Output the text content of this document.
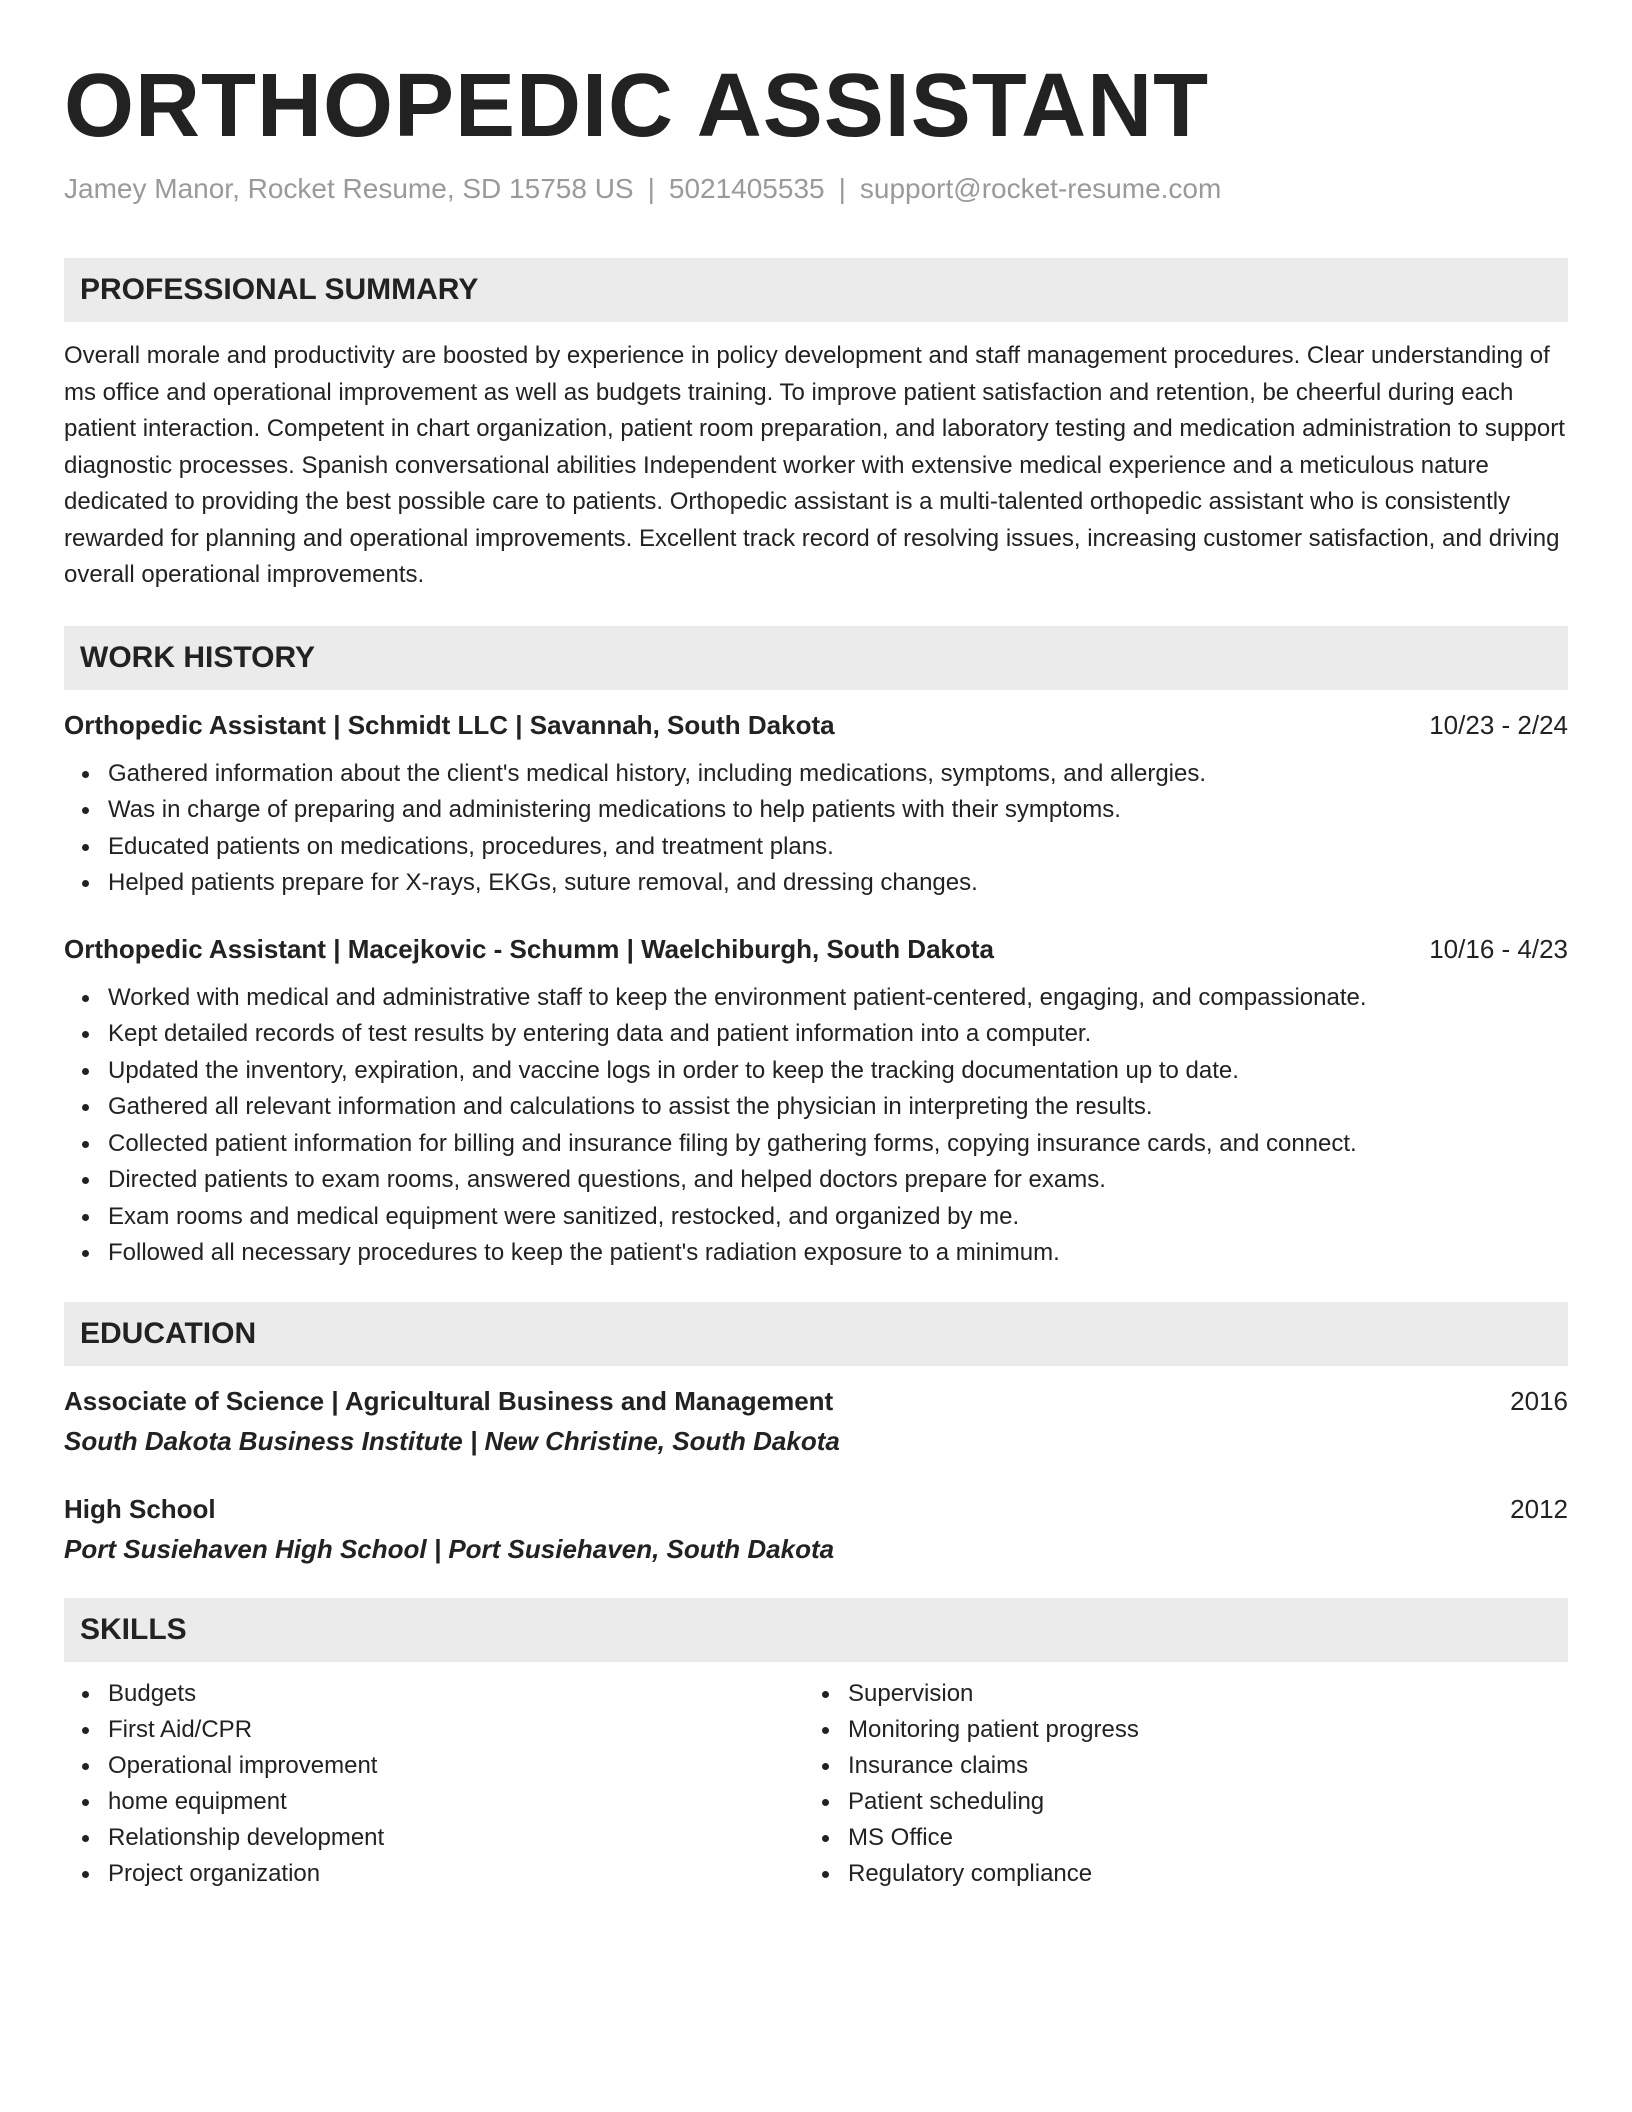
ORTHOPEDIC ASSISTANT
Jamey Manor, Rocket Resume, SD 15758 US | 5021405535 | support@rocket-resume.com
PROFESSIONAL SUMMARY
Overall morale and productivity are boosted by experience in policy development and staff management procedures. Clear understanding of ms office and operational improvement as well as budgets training. To improve patient satisfaction and retention, be cheerful during each patient interaction. Competent in chart organization, patient room preparation, and laboratory testing and medication administration to support diagnostic processes. Spanish conversational abilities Independent worker with extensive medical experience and a meticulous nature dedicated to providing the best possible care to patients. Orthopedic assistant is a multi-talented orthopedic assistant who is consistently rewarded for planning and operational improvements. Excellent track record of resolving issues, increasing customer satisfaction, and driving overall operational improvements.
WORK HISTORY
Orthopedic Assistant | Schmidt LLC | Savannah, South Dakota	10/23 - 2/24
Gathered information about the client's medical history, including medications, symptoms, and allergies.
Was in charge of preparing and administering medications to help patients with their symptoms.
Educated patients on medications, procedures, and treatment plans.
Helped patients prepare for X-rays, EKGs, suture removal, and dressing changes.
Orthopedic Assistant | Macejkovic - Schumm | Waelchiburgh, South Dakota	10/16 - 4/23
Worked with medical and administrative staff to keep the environment patient-centered, engaging, and compassionate.
Kept detailed records of test results by entering data and patient information into a computer.
Updated the inventory, expiration, and vaccine logs in order to keep the tracking documentation up to date.
Gathered all relevant information and calculations to assist the physician in interpreting the results.
Collected patient information for billing and insurance filing by gathering forms, copying insurance cards, and connect.
Directed patients to exam rooms, answered questions, and helped doctors prepare for exams.
Exam rooms and medical equipment were sanitized, restocked, and organized by me.
Followed all necessary procedures to keep the patient's radiation exposure to a minimum.
EDUCATION
Associate of Science | Agricultural Business and Management	2016
South Dakota Business Institute | New Christine, South Dakota
High School	2012
Port Susiehaven High School | Port Susiehaven, South Dakota
SKILLS
Budgets
First Aid/CPR
Operational improvement
home equipment
Relationship development
Project organization
Supervision
Monitoring patient progress
Insurance claims
Patient scheduling
MS Office
Regulatory compliance
